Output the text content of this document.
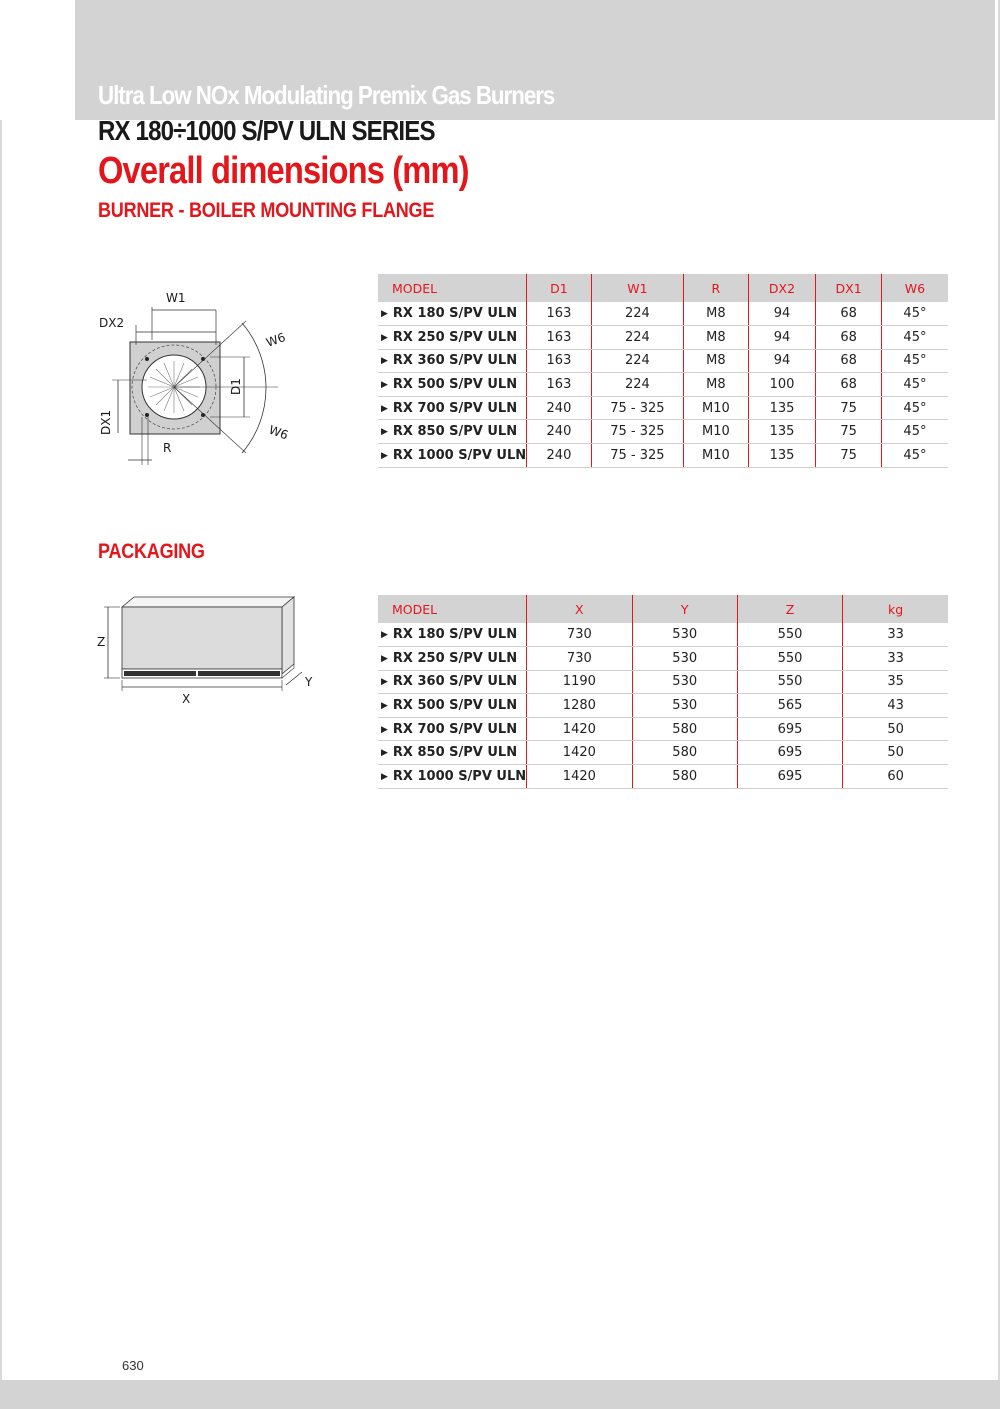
Ultra Low NOx Modulating Premix Gas Burners
RX 180÷1000 S/PV ULN SERIES
Overall dimensions (mm)
BURNER - BOILER MOUNTING FLANGE
W1
DX2
W6
W6
D1
DX1
R
MODEL	D1	W1	R	DX2	DX1	W6
▶ RX 180 S/PV ULN	163	224	M8	94	68	45°
▶ RX 250 S/PV ULN	163	224	M8	94	68	45°
▶ RX 360 S/PV ULN	163	224	M8	94	68	45°
▶ RX 500 S/PV ULN	163	224	M8	100	68	45°
▶ RX 700 S/PV ULN	240	75 - 325	M10	135	75	45°
▶ RX 850 S/PV ULN	240	75 - 325	M10	135	75	45°
▶ RX 1000 S/PV ULN	240	75 - 325	M10	135	75	45°
PACKAGING
Z
X
Y
MODEL	X	Y	Z	kg
▶ RX 180 S/PV ULN	730	530	550	33
▶ RX 250 S/PV ULN	730	530	550	33
▶ RX 360 S/PV ULN	1190	530	550	35
▶ RX 500 S/PV ULN	1280	530	565	43
▶ RX 700 S/PV ULN	1420	580	695	50
▶ RX 850 S/PV ULN	1420	580	695	50
▶ RX 1000 S/PV ULN	1420	580	695	60
630
